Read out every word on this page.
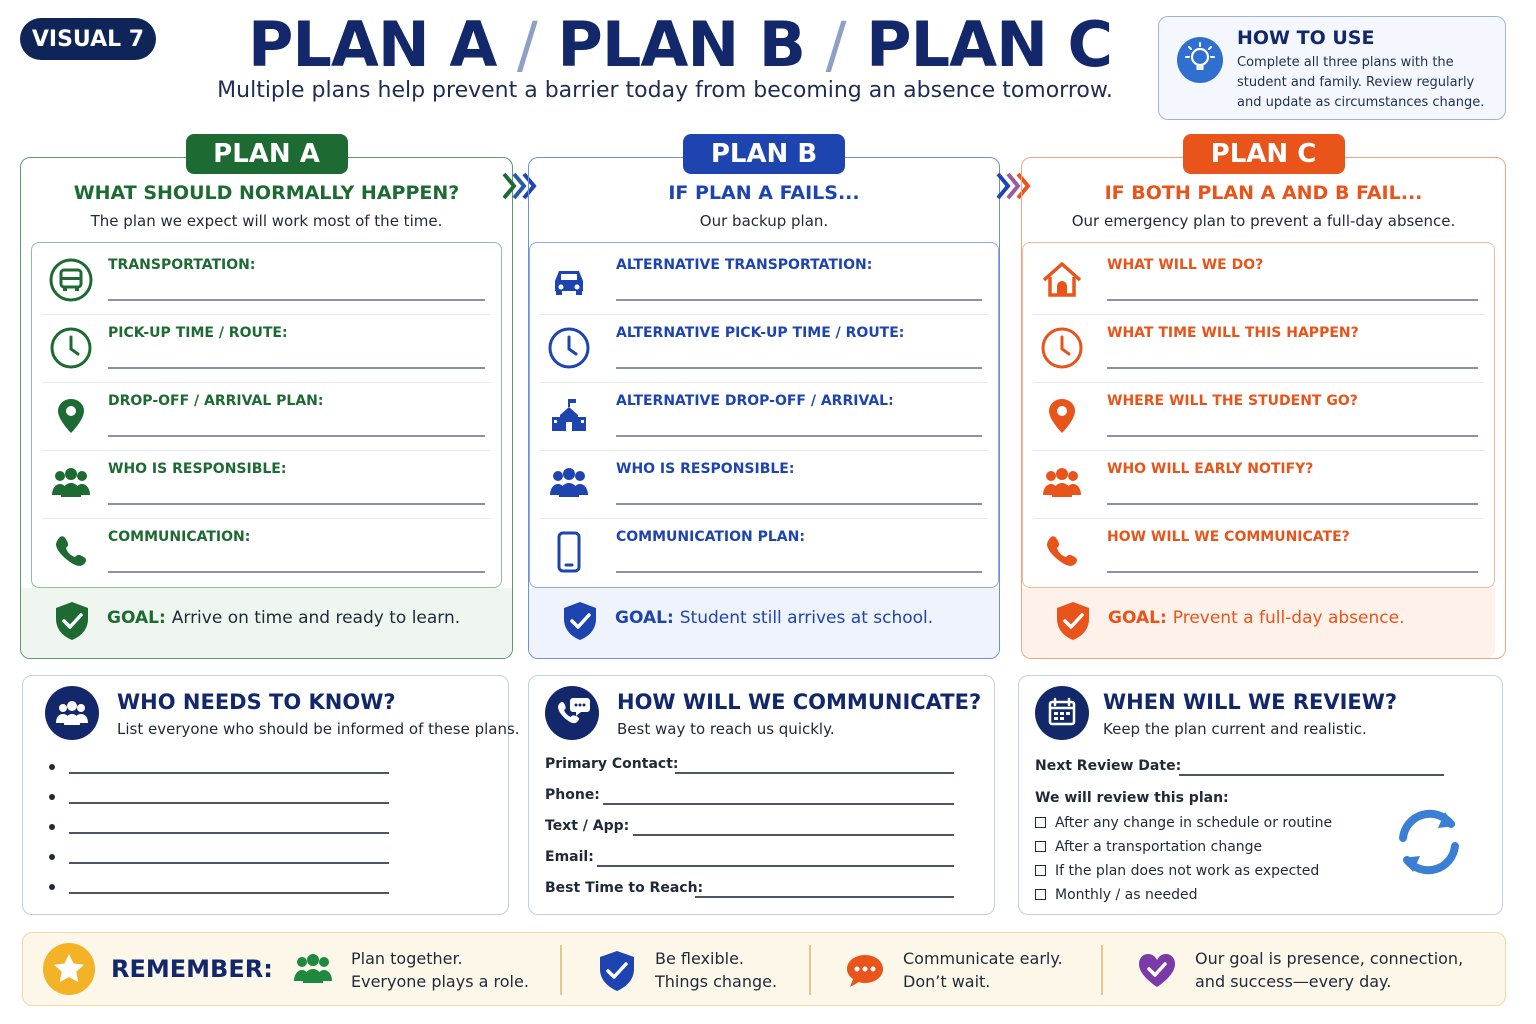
VISUAL 7 PLAN A / PLAN B / PLAN C
Multiple plans help prevent a barrier today from becoming an absence tomorrow.
HOW TO USE

Complete all three plans with the student and family. Review regularly and update as circumstances change.

PLAN A
WHAT SHOULD NORMALLY HAPPEN?
The plan we expect will work most of the time.
TRANSPORTATION:
PICK-UP TIME / ROUTE:
DROP-OFF / ARRIVAL PLAN:
WHO IS RESPONSIBLE:
COMMUNICATION:
GOAL: Arrive on time and ready to learn.
PLAN B
IF PLAN A FAILS...
Our backup plan.
ALTERNATIVE TRANSPORTATION:
ALTERNATIVE PICK-UP TIME / ROUTE:
ALTERNATIVE DROP-OFF / ARRIVAL:
WHO IS RESPONSIBLE:
COMMUNICATION PLAN:
GOAL: Student still arrives at school.
PLAN C
IF BOTH PLAN A AND B FAIL...
Our emergency plan to prevent a full-day absence.
WHAT WILL WE DO?
WHAT TIME WILL THIS HAPPEN?
WHERE WILL THE STUDENT GO?
WHO WILL EARLY NOTIFY?
HOW WILL WE COMMUNICATE?
GOAL: Prevent a full-day absence.
WHO NEEDS TO KNOW?
List everyone who should be informed of these plans.
HOW WILL WE COMMUNICATE?
Best way to reach us quickly.
Primary Contact:
Phone:
Text / App:
Email:
Best Time to Reach:
WHEN WILL WE REVIEW?
Keep the plan current and realistic.
Next Review Date:
We will review this plan:
After any change in schedule or routine
After a transportation change
If the plan does not work as expected
Monthly / as needed
REMEMBER:	Plan together.
Everyone plays a role.
Be flexible.
Things change.
Communicate early.
Don’t wait.
Our goal is presence, connection,
and success—every day.
